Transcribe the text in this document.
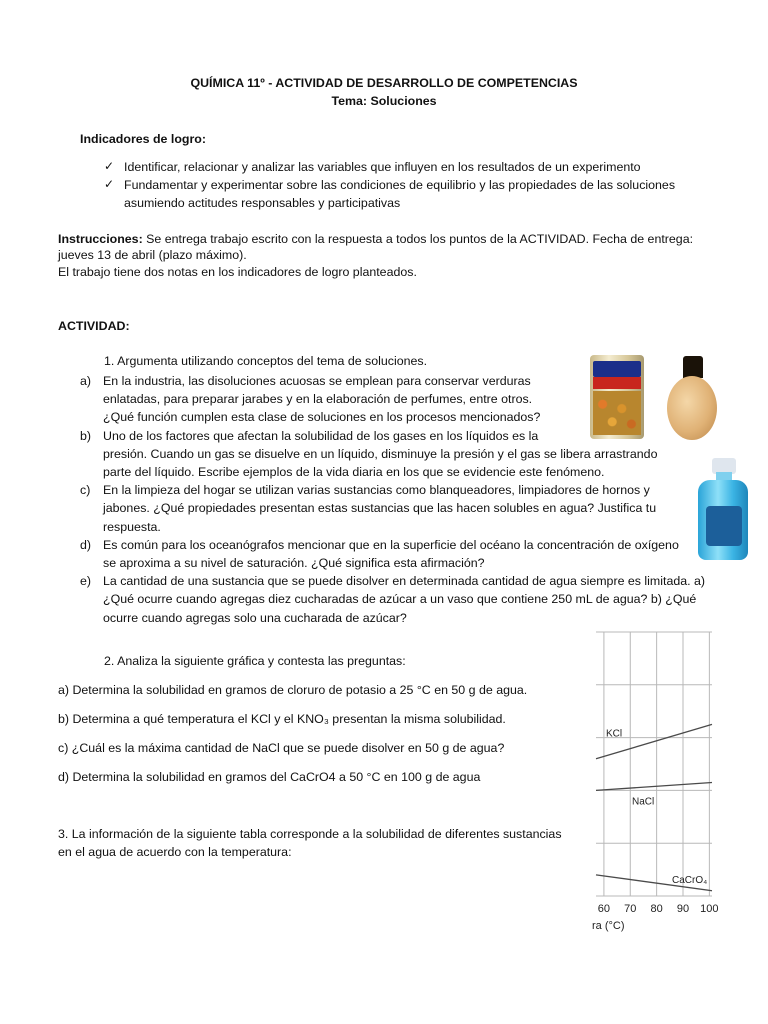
QUÍMICA 11º - ACTIVIDAD DE DESARROLLO DE COMPETENCIAS
Tema: Soluciones
Indicadores de logro:
✓ Identificar, relacionar y analizar las variables que influyen en los resultados de un experimento
✓ Fundamentar y experimentar sobre las condiciones de equilibrio y las propiedades de las soluciones
asumiendo actitudes responsables y participativas
Instrucciones: Se entrega trabajo escrito con la respuesta a todos los puntos de la ACTIVIDAD. Fecha de entrega:
jueves 13 de abril (plazo máximo).
El trabajo tiene dos notas en los indicadores de logro planteados.
ACTIVIDAD:
1. Argumenta utilizando conceptos del tema de soluciones.
a) En la industria, las disoluciones acuosas se emplean para conservar verduras
enlatadas, para preparar jarabes y en la elaboración de perfumes, entre otros.
¿Qué función cumplen esta clase de soluciones en los procesos mencionados?
b) Uno de los factores que afectan la solubilidad de los gases en los líquidos es la
presión. Cuando un gas se disuelve en un líquido, disminuye la presión y el gas se libera arrastrando
parte del líquido. Escribe ejemplos de la vida diaria en los que se evidencie este fenómeno.
c) En la limpieza del hogar se utilizan varias sustancias como blanqueadores, limpiadores de hornos y
jabones. ¿Qué propiedades presentan estas sustancias que las hacen solubles en agua? Justifica tu
respuesta.
d) Es común para los oceanógrafos mencionar que en la superficie del océano la concentración de oxígeno
se aproxima a su nivel de saturación. ¿Qué significa esta afirmación?
e) La cantidad de una sustancia que se puede disolver en determinada cantidad de agua siempre es limitada. a)
¿Qué ocurre cuando agregas diez cucharadas de azúcar a un vaso que contiene 250 mL de agua? b) ¿Qué
ocurre cuando agregas solo una cucharada de azúcar?
2. Analiza la siguiente gráfica y contesta las preguntas:
a) Determina la solubilidad en gramos de cloruro de potasio a 25 °C en 50 g de agua.
b) Determina a qué temperatura el KCl y el KNO₃ presentan la misma solubilidad.
c) ¿Cuál es la máxima cantidad de NaCl que se puede disolver en 50 g de agua?
d) Determina la solubilidad en gramos del CaCrO4 a 50 °C en 100 g de agua
3. La información de la siguiente tabla corresponde a la solubilidad de diferentes sustancias
en el agua de acuerdo con la temperatura:
KCl
NaCl
CaCrO₄
60 70 80 90 100
ra (°C)
